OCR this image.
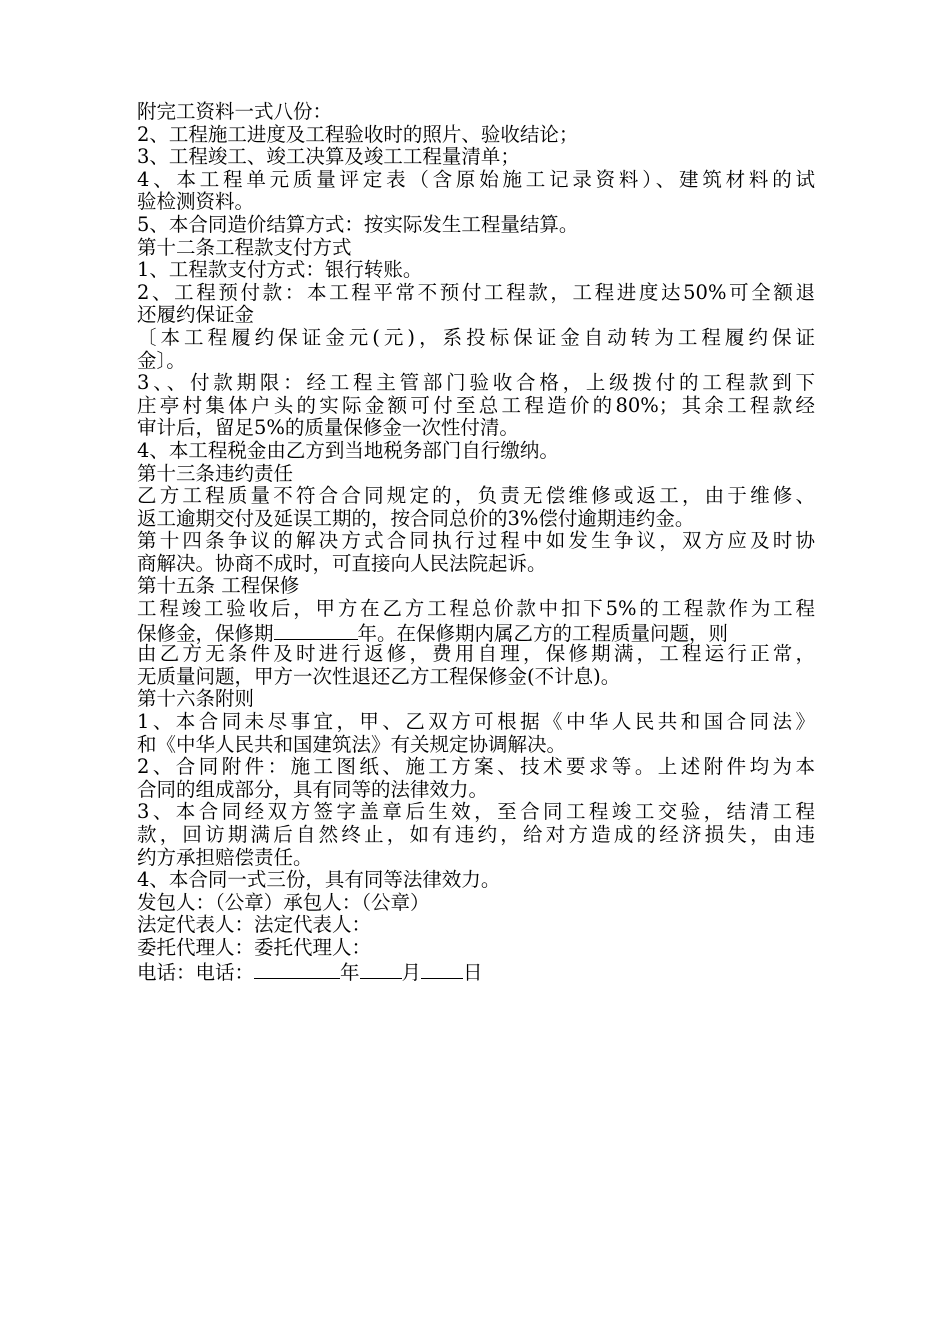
附完工资料一式八份：
2、工程施工进度及工程验收时的照片、验收结论；
3、工程竣工、竣工决算及竣工工程量清单；
4、本工程单元质量评定表（含原始施工记录资料）、建筑材料的试
验检测资料。
5、本合同造价结算方式：按实际发生工程量结算。
第十二条工程款支付方式
1、工程款支付方式：银行转账。
2、工程预付款：本工程平常不预付工程款，工程进度达50%可全额退
还履约保证金
〔本工程履约保证金元(元)，系投标保证金自动转为工程履约保证
金〕。
3、、付款期限：经工程主管部门验收合格，上级拨付的工程款到下
庄亭村集体户头的实际金额可付至总工程造价的80%；其余工程款经
审计后，留足5%的质量保修金一次性付清。
4、本工程税金由乙方到当地税务部门自行缴纳。
第十三条违约责任
乙方工程质量不符合合同规定的，负责无偿维修或返工，由于维修、
返工逾期交付及延误工期的，按合同总价的3%偿付逾期违约金。
第十四条争议的解决方式合同执行过程中如发生争议，双方应及时协
商解决。协商不成时，可直接向人民法院起诉。
第十五条 工程保修
工程竣工验收后，甲方在乙方工程总价款中扣下5%的工程款作为工程
保修金，保修期	年。在保修期内属乙方的工程质量问题，则
由乙方无条件及时进行返修，费用自理，保修期满，工程运行正常，
无质量问题，甲方一次性退还乙方工程保修金(不计息)。
第十六条附则
1、本合同未尽事宜，甲、乙双方可根据《中华人民共和国合同法》
和《中华人民共和国建筑法》有关规定协调解决。
2、合同附件：施工图纸、施工方案、技术要求等。上述附件均为本
合同的组成部分，具有同等的法律效力。
3、本合同经双方签字盖章后生效，至合同工程竣工交验，结清工程
款，回访期满后自然终止，如有违约，给对方造成的经济损失，由违
约方承担赔偿责任。
4、本合同一式三份，具有同等法律效力。
发包人：（公章）承包人：（公章）
法定代表人：法定代表人：
委托代理人：委托代理人：
电话：电话：	年 月 日
